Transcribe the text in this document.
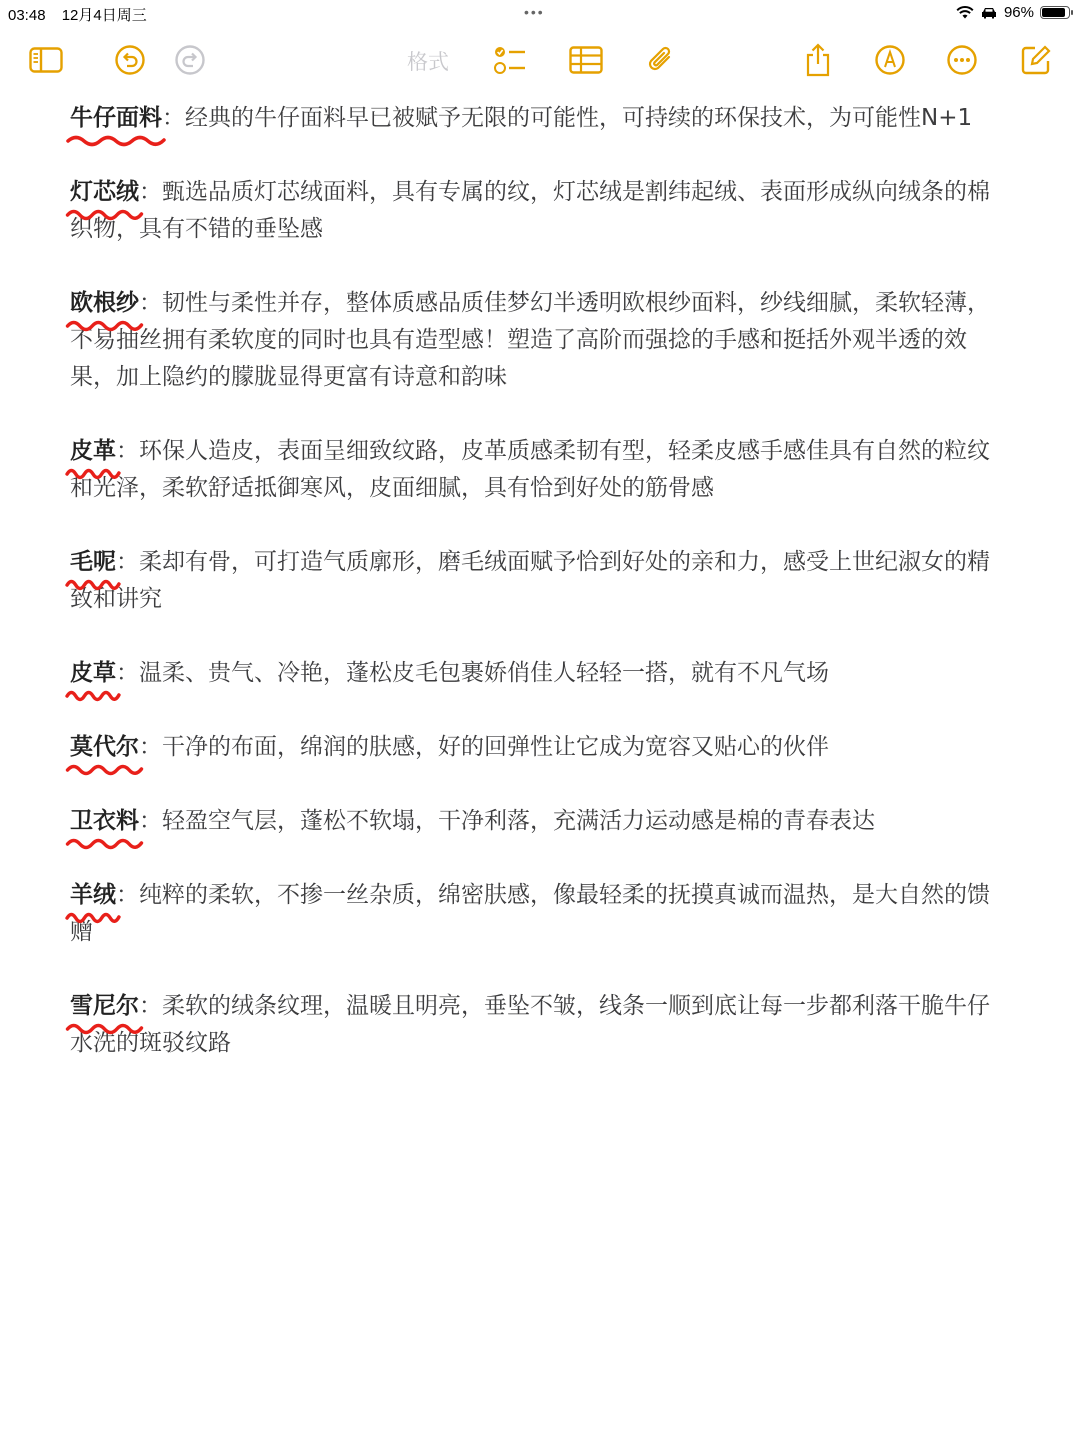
03:48 12月4日周三	•••	96%
格式
牛仔面料
：经典的牛仔面料早已被赋予无限的可能性，可持续的环保技术，为可能性N+1
灯芯绒
：甄选品质灯芯绒面料，具有专属的纹，灯芯绒是割纬起绒、表面形成纵向绒条的棉织物，具有不错的垂坠感
欧根纱
：韧性与柔性并存，整体质感品质佳梦幻半透明欧根纱面料，纱线细腻，柔软轻薄，不易抽丝拥有柔软度的同时也具有造型感！塑造了高阶而强捻的手感和挺括外观半透的效果，加上隐约的朦胧显得更富有诗意和韵味
皮革
：环保人造皮，表面呈细致纹路，皮革质感柔韧有型，轻柔皮感手感佳具有自然的粒纹和光泽，柔软舒适抵御寒风，皮面细腻，具有恰到好处的筋骨感
毛呢
：柔却有骨，可打造气质廓形，磨毛绒面赋予恰到好处的亲和力，感受上世纪淑女的精致和讲究
皮草
：温柔、贵气、冷艳，蓬松皮毛包裹娇俏佳人轻轻一搭，就有不凡气场
莫代尔
：干净的布面，绵润的肤感，好的回弹性让它成为宽容又贴心的伙伴
卫衣料
：轻盈空气层，蓬松不软塌，干净利落，充满活力运动感是棉的青春表达
羊绒
：纯粹的柔软，不掺一丝杂质，绵密肤感，像最轻柔的抚摸真诚而温热，是大自然的馈赠
雪尼尔
：柔软的绒条纹理，温暖且明亮，垂坠不皱，线条一顺到底让每一步都利落干脆牛仔水洗的斑驳纹路
